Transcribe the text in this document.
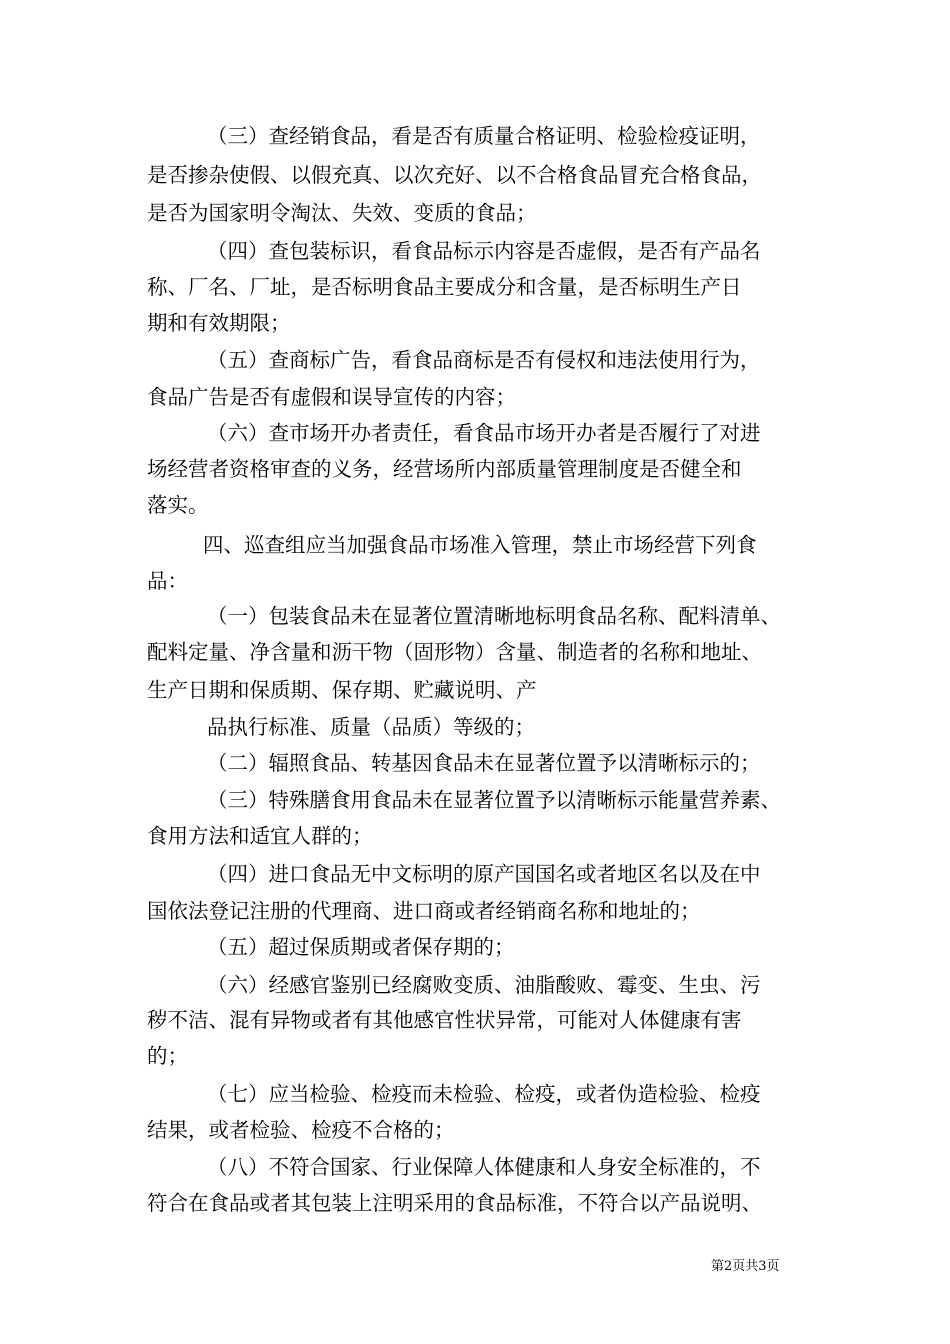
（三）查经销食品，看是否有质量合格证明、检验检疫证明，
是否掺杂使假、以假充真、以次充好、以不合格食品冒充合格食品，
是否为国家明令淘汰、失效、变质的食品；
（四）查包装标识，看食品标示内容是否虚假，是否有产品名
称、厂名、厂址，是否标明食品主要成分和含量，是否标明生产日
期和有效期限；
（五）查商标广告，看食品商标是否有侵权和违法使用行为，
食品广告是否有虚假和误导宣传的内容；
（六）查市场开办者责任，看食品市场开办者是否履行了对进
场经营者资格审查的义务，经营场所内部质量管理制度是否健全和
落实。
四、巡查组应当加强食品市场准入管理，禁止市场经营下列食
品：
（一）包装食品未在显著位置清晰地标明食品名称、配料清单、
配料定量、净含量和沥干物（固形物）含量、制造者的名称和地址、
生产日期和保质期、保存期、贮藏说明、产
品执行标准、质量（品质）等级的；
（二）辐照食品、转基因食品未在显著位置予以清晰标示的；
（三）特殊膳食用食品未在显著位置予以清晰标示能量营养素、
食用方法和适宜人群的；
（四）进口食品无中文标明的原产国国名或者地区名以及在中
国依法登记注册的代理商、进口商或者经销商名称和地址的；
（五）超过保质期或者保存期的；
（六）经感官鉴别已经腐败变质、油脂酸败、霉变、生虫、污
秽不洁、混有异物或者有其他感官性状异常，可能对人体健康有害
的；
（七）应当检验、检疫而未检验、检疫，或者伪造检验、检疫
结果，或者检验、检疫不合格的；
（八）不符合国家、行业保障人体健康和人身安全标准的，不
符合在食品或者其包装上注明采用的食品标准，不符合以产品说明、
第2页共3页
